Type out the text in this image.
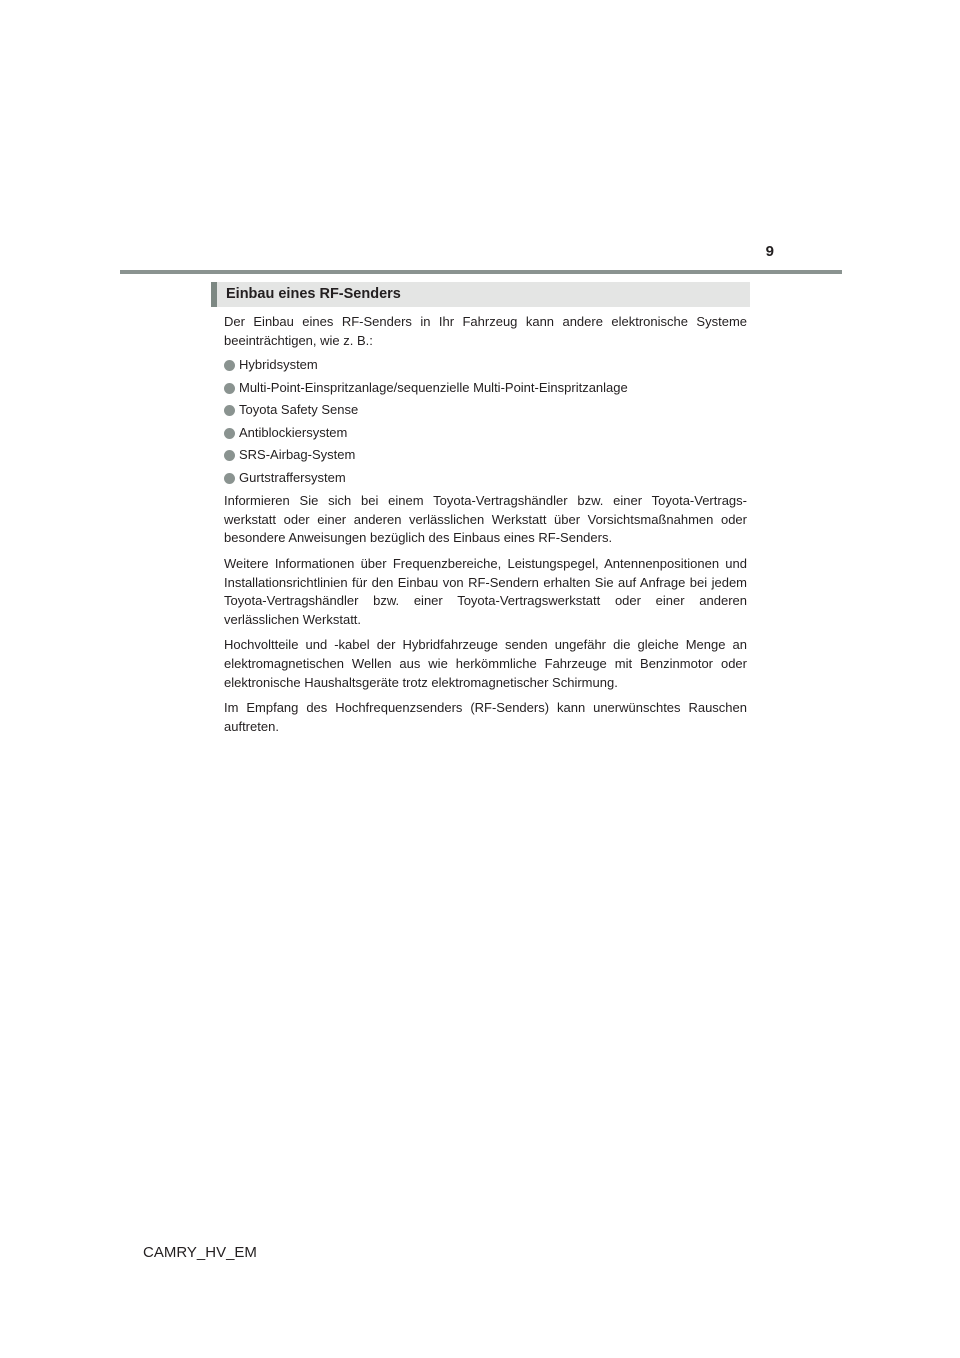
9
Einbau eines RF-Senders

Der Einbau eines RF-Senders in Ihr Fahrzeug kann andere elektronische Systeme beeinträchtigen, wie z. B.:

Hybridsystem
Multi-Point-Einspritzanlage/sequenzielle Multi-Point-Einspritzanlage
Toyota Safety Sense
Antiblockiersystem
SRS-Airbag-System
Gurtstraffersystem

Informieren Sie sich bei einem Toyota-Vertragshändler bzw. einer Toyota-Vertrags-werkstatt oder einer anderen verlässlichen Werkstatt über Vorsichtsmaßnahmen oder besondere Anweisungen bezüglich des Einbaus eines RF-Senders.

Weitere Informationen über Frequenzbereiche, Leistungspegel, Antennenpositionen und Installationsrichtlinien für den Einbau von RF-Sendern erhalten Sie auf Anfrage bei jedem Toyota-Vertragshändler bzw. einer Toyota-Vertragswerkstatt oder einer anderen verlässlichen Werkstatt.

Hochvoltteile und -kabel der Hybridfahrzeuge senden ungefähr die gleiche Menge an elektromagnetischen Wellen aus wie herkömmliche Fahrzeuge mit Benzinmotor oder elektronische Haushaltsgeräte trotz elektromagnetischer Schirmung.

Im Empfang des Hochfrequenzsenders (RF-Senders) kann unerwünschtes Rauschen auftreten.

CAMRY_HV_EM
